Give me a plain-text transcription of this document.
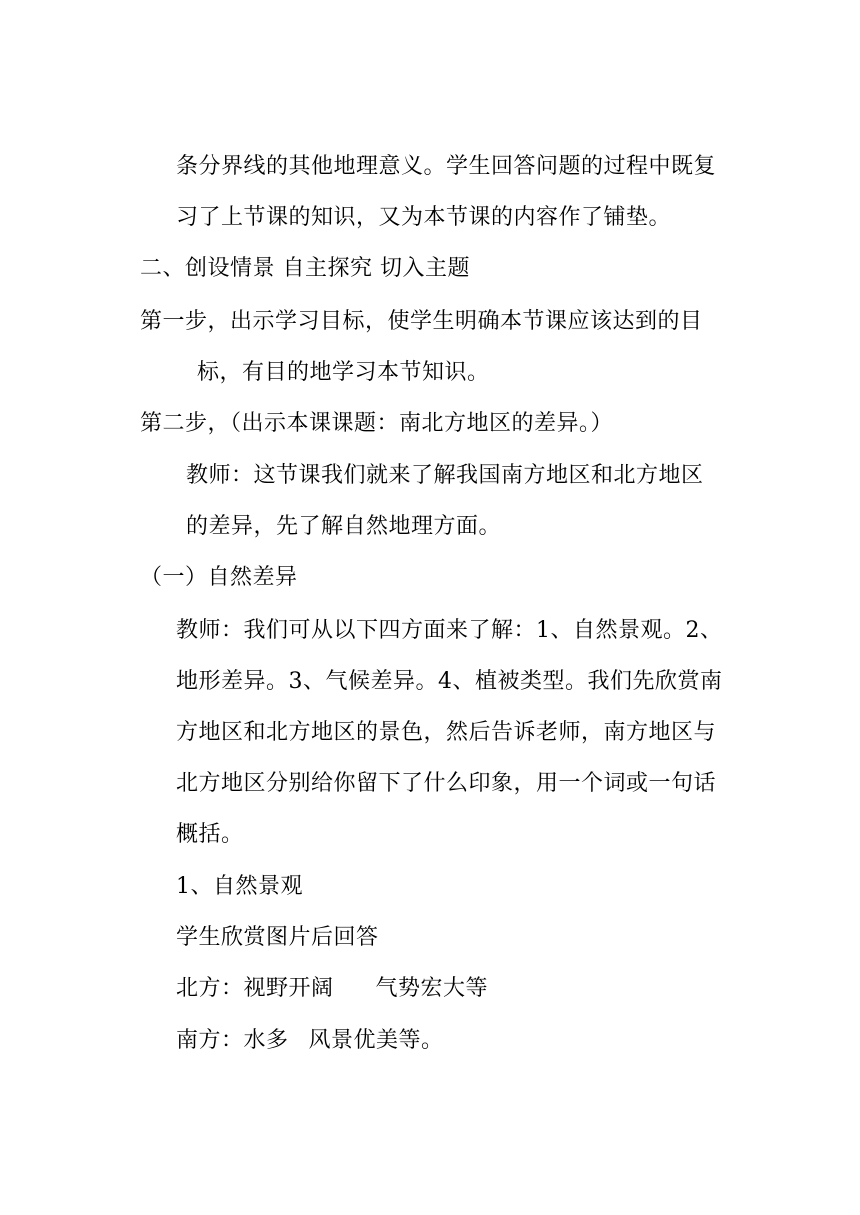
条分界线的其他地理意义。学生回答问题的过程中既复
习了上节课的知识，又为本节课的内容作了铺垫。
二、创设情景 自主探究 切入主题
第一步，出示学习目标，使学生明确本节课应该达到的目
标，有目的地学习本节知识。
第二步，（出示本课课题：南北方地区的差异。）
教师：这节课我们就来了解我国南方地区和北方地区
的差异，先了解自然地理方面。
（一）自然差异
教师：我们可从以下四方面来了解：1、自然景观。2、
地形差异。3、气候差异。4、植被类型。我们先欣赏南
方地区和北方地区的景色，然后告诉老师，南方地区与
北方地区分别给你留下了什么印象，用一个词或一句话
概括。
1、自然景观
学生欣赏图片后回答
北方：视野开阔 气势宏大等
南方：水多 风景优美等。
